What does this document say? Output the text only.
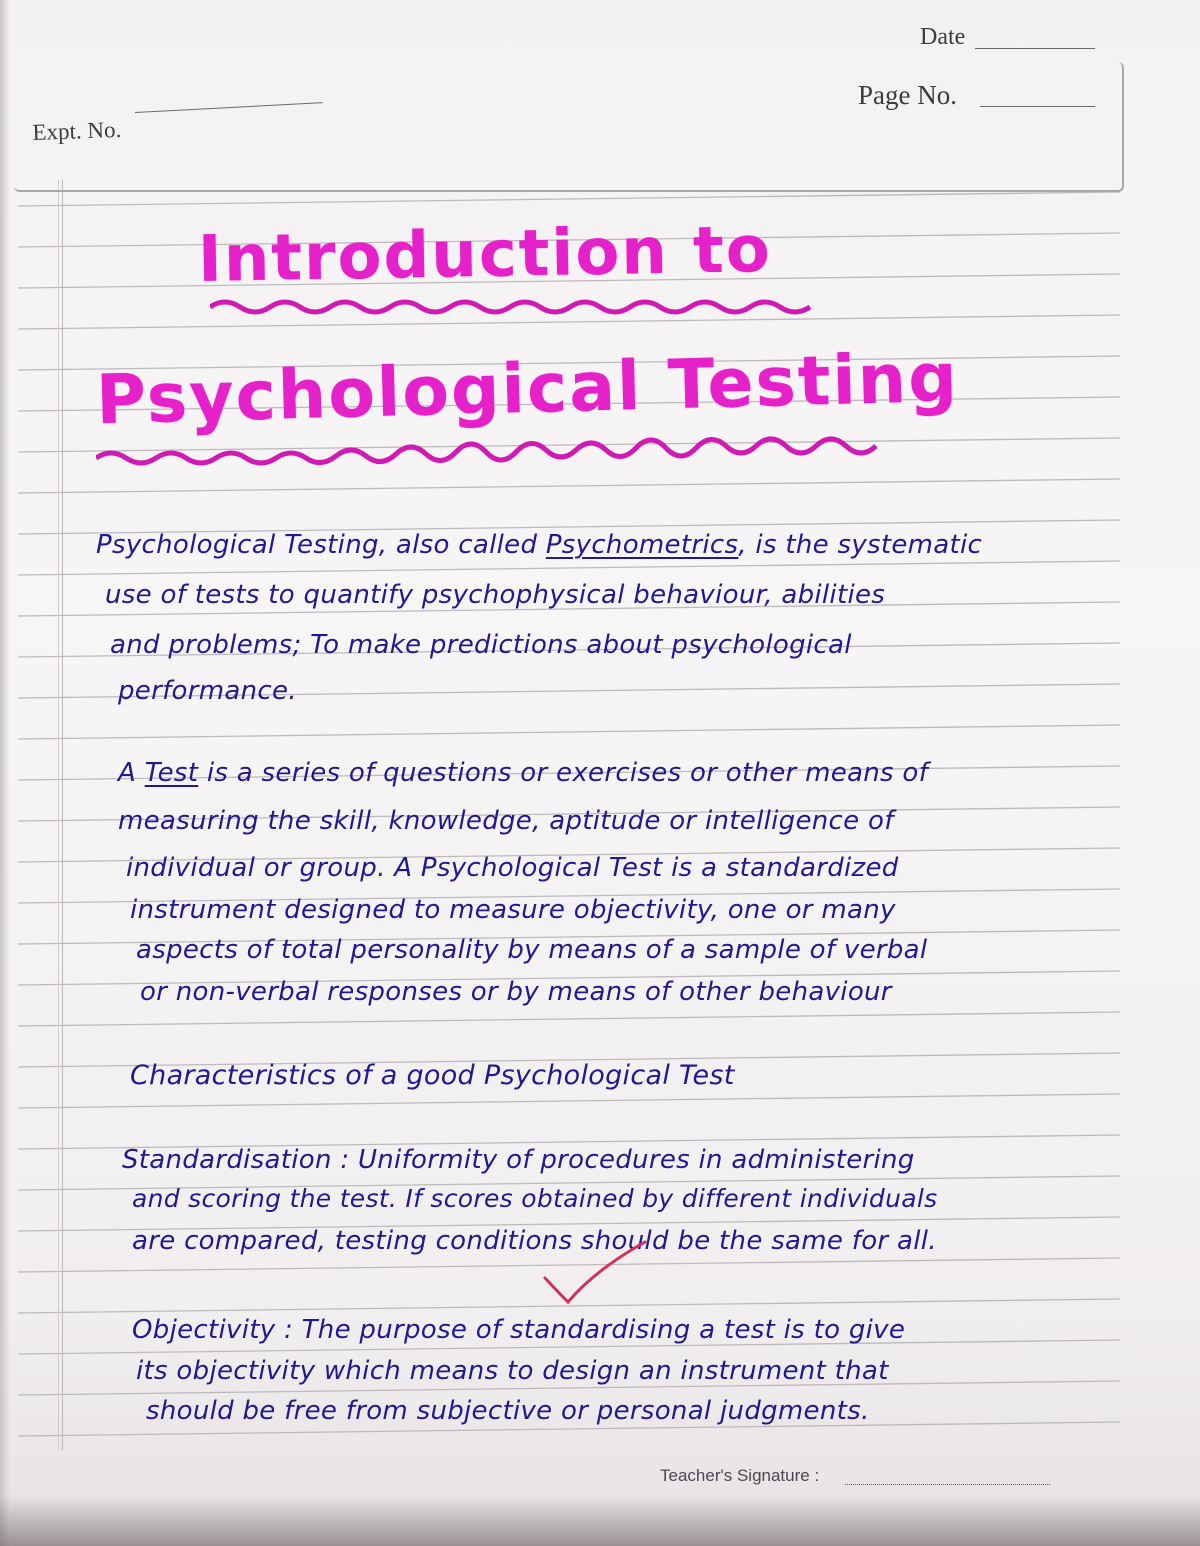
Date
Page No.
Expt. No.
Introduction to
Psychological Testing
Psychological Testing, also called Psychometrics, is the systematic
use of tests to quantify psychophysical behaviour, abilities
and problems; To make predictions about psychological
performance.
A Test is a series of questions or exercises or other means of
measuring the skill, knowledge, aptitude or intelligence of
individual or group. A Psychological Test is a standardized
instrument designed to measure objectivity, one or many
aspects of total personality by means of a sample of verbal
or non-verbal responses or by means of other behaviour
Characteristics of a good Psychological Test
Standardisation : Uniformity of procedures in administering
and scoring the test. If scores obtained by different individuals
are compared, testing conditions should be the same for all.
Objectivity : The purpose of standardising a test is to give
its objectivity which means to design an instrument that
should be free from subjective or personal judgments.
Teacher's Signature :
